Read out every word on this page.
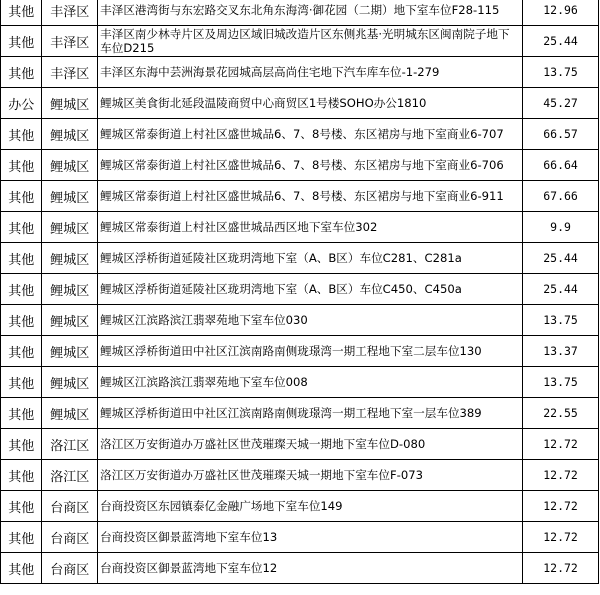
其他	丰泽区	丰泽区港湾街与东宏路交叉东北角东海湾·御花园（二期）地下室车位F28-115	12.96
其他	丰泽区	丰泽区南少林寺片区及周边区域旧城改造片区东侧兆基·光明城东区闽南院子地下车位D215	25.44
其他	丰泽区	丰泽区东海中芸洲海景花园城高层高尚住宅地下汽车库车位-1-279	13.75
办公	鲤城区	鲤城区美食街北延段温陵商贸中心商贸区1号楼SOHO办公1810	45.27
其他	鲤城区	鲤城区常泰街道上村社区盛世城品6、7、8号楼、东区裙房与地下室商业6-707	66.57
其他	鲤城区	鲤城区常泰街道上村社区盛世城品6、7、8号楼、东区裙房与地下室商业6-706	66.64
其他	鲤城区	鲤城区常泰街道上村社区盛世城品6、7、8号楼、东区裙房与地下室商业6-911	67.66
其他	鲤城区	鲤城区常泰街道上村社区盛世城品西区地下室车位302	9.9
其他	鲤城区	鲤城区浮桥街道延陵社区珑玥湾地下室（A、B区）车位C281、C281a	25.44
其他	鲤城区	鲤城区浮桥街道延陵社区珑玥湾地下室（A、B区）车位C450、C450a	25.44
其他	鲤城区	鲤城区江滨路滨江翡翠苑地下室车位030	13.75
其他	鲤城区	鲤城区浮桥街道田中社区江滨南路南侧珑璟湾一期工程地下室二层车位130	13.37
其他	鲤城区	鲤城区江滨路滨江翡翠苑地下室车位008	13.75
其他	鲤城区	鲤城区浮桥街道田中社区江滨南路南侧珑璟湾一期工程地下室一层车位389	22.55
其他	洛江区	洛江区万安街道办万盛社区世茂璀璨天城一期地下室车位D-080	12.72
其他	洛江区	洛江区万安街道办万盛社区世茂璀璨天城一期地下室车位F-073	12.72
其他	台商区	台商投资区东园镇泰亿金融广场地下室车位149	12.72
其他	台商区	台商投资区御景蓝湾地下室车位13	12.72
其他	台商区	台商投资区御景蓝湾地下室车位12	12.72
